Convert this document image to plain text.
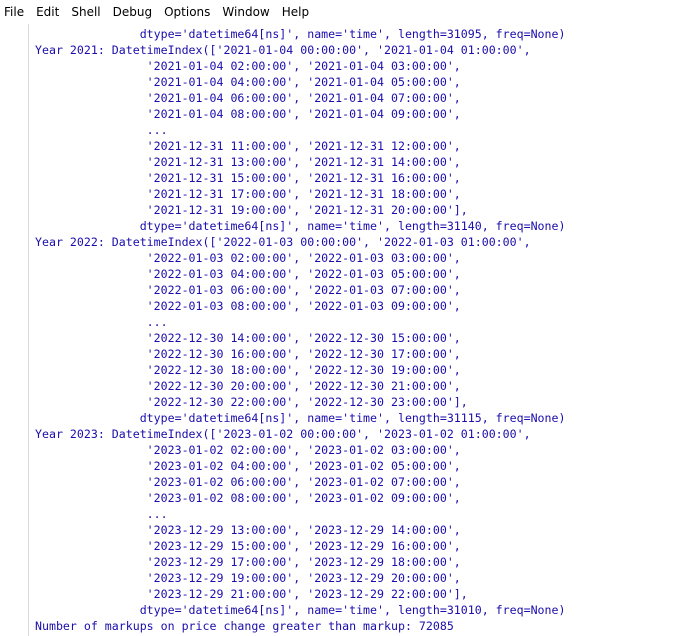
File	Edit	Shell	Debug	Options	Window	Help
dtype='datetime64[ns]', name='time', length=31095, freq=None)
Year 2021: DatetimeIndex(['2021-01-04 00:00:00', '2021-01-04 01:00:00',
'2021-01-04 02:00:00', '2021-01-04 03:00:00',
'2021-01-04 04:00:00', '2021-01-04 05:00:00',
'2021-01-04 06:00:00', '2021-01-04 07:00:00',
'2021-01-04 08:00:00', '2021-01-04 09:00:00',
...
'2021-12-31 11:00:00', '2021-12-31 12:00:00',
'2021-12-31 13:00:00', '2021-12-31 14:00:00',
'2021-12-31 15:00:00', '2021-12-31 16:00:00',
'2021-12-31 17:00:00', '2021-12-31 18:00:00',
'2021-12-31 19:00:00', '2021-12-31 20:00:00'],
dtype='datetime64[ns]', name='time', length=31140, freq=None)
Year 2022: DatetimeIndex(['2022-01-03 00:00:00', '2022-01-03 01:00:00',
'2022-01-03 02:00:00', '2022-01-03 03:00:00',
'2022-01-03 04:00:00', '2022-01-03 05:00:00',
'2022-01-03 06:00:00', '2022-01-03 07:00:00',
'2022-01-03 08:00:00', '2022-01-03 09:00:00',
...
'2022-12-30 14:00:00', '2022-12-30 15:00:00',
'2022-12-30 16:00:00', '2022-12-30 17:00:00',
'2022-12-30 18:00:00', '2022-12-30 19:00:00',
'2022-12-30 20:00:00', '2022-12-30 21:00:00',
'2022-12-30 22:00:00', '2022-12-30 23:00:00'],
dtype='datetime64[ns]', name='time', length=31115, freq=None)
Year 2023: DatetimeIndex(['2023-01-02 00:00:00', '2023-01-02 01:00:00',
'2023-01-02 02:00:00', '2023-01-02 03:00:00',
'2023-01-02 04:00:00', '2023-01-02 05:00:00',
'2023-01-02 06:00:00', '2023-01-02 07:00:00',
'2023-01-02 08:00:00', '2023-01-02 09:00:00',
...
'2023-12-29 13:00:00', '2023-12-29 14:00:00',
'2023-12-29 15:00:00', '2023-12-29 16:00:00',
'2023-12-29 17:00:00', '2023-12-29 18:00:00',
'2023-12-29 19:00:00', '2023-12-29 20:00:00',
'2023-12-29 21:00:00', '2023-12-29 22:00:00'],
dtype='datetime64[ns]', name='time', length=31010, freq=None)
Number of markups on price change greater than markup: 72085
